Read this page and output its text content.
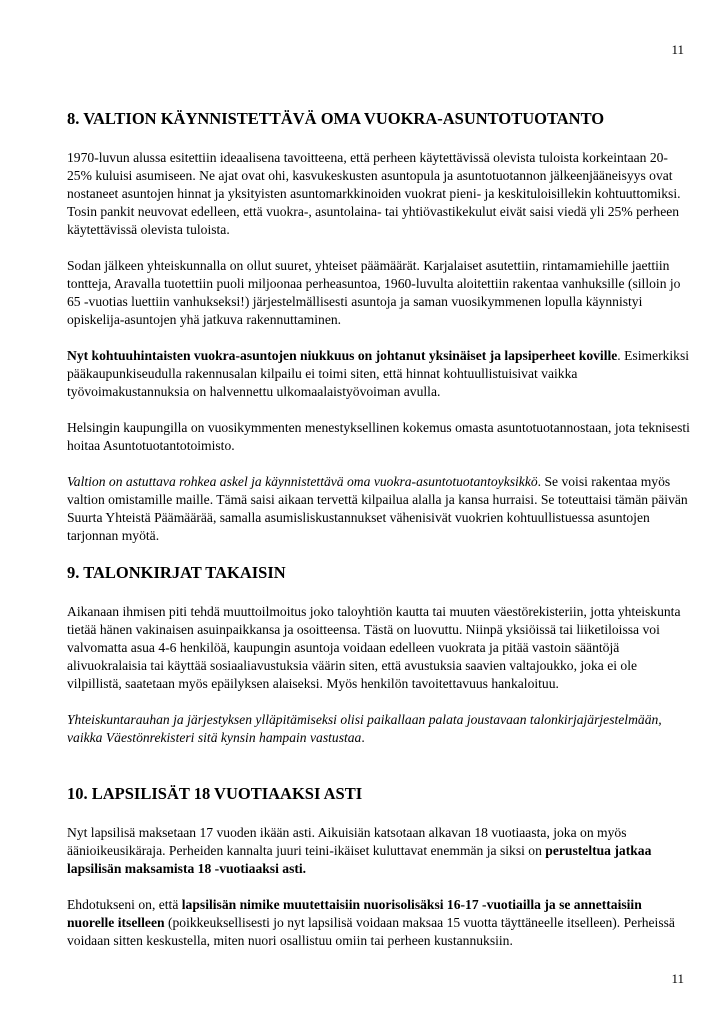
11
8. VALTION KÄYNNISTETTÄVÄ OMA VUOKRA-ASUNTOTUOTANTO

1970-luvun alussa esitettiin ideaalisena tavoitteena, että perheen käytettävissä olevista tuloista korkeintaan 20-25% kuluisi asumiseen. Ne ajat ovat ohi, kasvukeskusten asuntopula ja asuntotuotannon jälkeenjääneisyys ovat nostaneet asuntojen hinnat ja yksityisten asuntomarkkinoiden vuokrat pieni- ja keskituloisillekin kohtuuttomiksi. Tosin pankit neuvovat edelleen, että vuokra-, asuntolaina- tai yhtiövastikekulut eivät saisi viedä yli 25% perheen käytettävissä olevista tuloista.

Sodan jälkeen yhteiskunnalla on ollut suuret, yhteiset päämäärät. Karjalaiset asutettiin, rintamamiehille jaettiin tontteja, Aravalla tuotettiin puoli miljoonaa perheasuntoa, 1960-luvulta aloitettiin rakentaa vanhuksille (silloin jo 65 -vuotias luettiin vanhukseksi!) järjestelmällisesti asuntoja ja saman vuosikymmenen lopulla käynnistyi opiskelija-asuntojen yhä jatkuva rakennuttaminen.

Nyt kohtuuhintaisten vuokra-asuntojen niukkuus on johtanut yksinäiset ja lapsiperheet koville. Esimerkiksi pääkaupunkiseudulla rakennusalan kilpailu ei toimi siten, että hinnat kohtuullistuisivat vaikka työvoimakustannuksia on halvennettu ulkomaalaistyövoiman avulla.

Helsingin kaupungilla on vuosikymmenten menestyksellinen kokemus omasta asuntotuotannostaan, jota teknisesti hoitaa Asuntotuotantotoimisto.

Valtion on astuttava rohkea askel ja käynnistettävä oma vuokra-asuntotuotantoyksikkö. Se voisi rakentaa myös valtion omistamille maille. Tämä saisi aikaan tervettä kilpailua alalla ja kansa hurraisi. Se toteuttaisi tämän päivän Suurta Yhteistä Päämäärää, samalla asumisliskustannukset vähenisivät vuokrien kohtuullistuessa asuntojen tarjonnan myötä.

9. TALONKIRJAT TAKAISIN

Aikanaan ihmisen piti tehdä muuttoilmoitus joko taloyhtiön kautta tai muuten väestörekisteriin, jotta yhteiskunta tietää hänen vakinaisen asuinpaikkansa ja osoitteensa. Tästä on luovuttu. Niinpä yksiöissä tai liiketiloissa voi valvomatta asua 4-6 henkilöä, kaupungin asuntoja voidaan edelleen vuokrata ja pitää vastoin sääntöjä alivuokralaisia tai käyttää sosiaaliavustuksia väärin siten, että avustuksia saavien valtajoukko, joka ei ole vilpillistä, saatetaan myös epäilyksen alaiseksi. Myös henkilön tavoitettavuus hankaloituu.

Yhteiskuntarauhan ja järjestyksen ylläpitämiseksi olisi paikallaan palata joustavaan talonkirjajärjestelmään, vaikka Väestönrekisteri sitä kynsin hampain vastustaa.

10. LAPSILISÄT 18 VUOTIAAKSI ASTI

Nyt lapsilisä maksetaan 17 vuoden ikään asti. Aikuisiän katsotaan alkavan 18 vuotiaasta, joka on myös äänioikeusikäraja. Perheiden kannalta juuri teini-ikäiset kuluttavat enemmän ja siksi on perusteltua jatkaa lapsilisän maksamista 18 -vuotiaaksi asti.

Ehdotukseni on, että lapsilisän nimike muutettaisiin nuorisolisäksi 16-17 -vuotiailla ja se annettaisiin nuorelle itselleen (poikkeuksellisesti jo nyt lapsilisä voidaan maksaa 15 vuotta täyttäneelle itselleen). Perheissä voidaan sitten keskustella, miten nuori osallistuu omiin tai perheen kustannuksiin.

11
